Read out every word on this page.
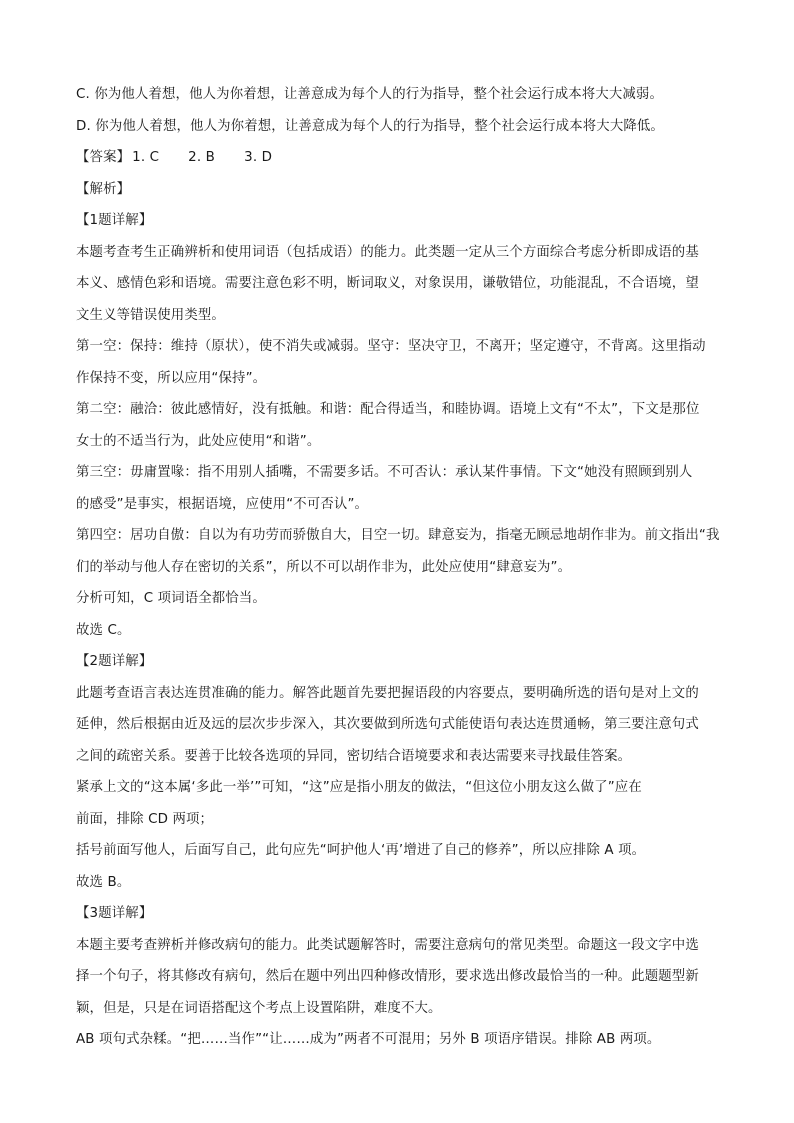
C. 你为他人着想，他人为你着想，让善意成为每个人的行为指导，整个社会运行成本将大大减弱。
D. 你为他人着想，他人为你着想，让善意成为每个人的行为指导，整个社会运行成本将大大降低。
【答案】 1. C 2. B 3. D
【解析】
【1题详解】
本题考查考生正确辨析和使用词语（包括成语）的能力。此类题一定从三个方面综合考虑分析即成语的基
本义、感情色彩和语境。需要注意色彩不明，断词取义，对象误用，谦敬错位，功能混乱，不合语境，望
文生义等错误使用类型。
第一空：保持：维持（原状），使不消失或减弱。坚守：坚决守卫，不离开；坚定遵守，不背离。这里指动
作保持不变，所以应用“保持”。
第二空：融洽：彼此感情好，没有抵触。和谐：配合得适当，和睦协调。语境上文有“不太”，下文是那位
女士的不适当行为，此处应使用“和谐”。
第三空：毋庸置喙：指不用别人插嘴，不需要多话。不可否认：承认某件事情。下文“她没有照顾到别人
的感受”是事实，根据语境，应使用“不可否认”。
第四空：居功自傲：自以为有功劳而骄傲自大，目空一切。肆意妄为，指毫无顾忌地胡作非为。前文指出“我
们的举动与他人存在密切的关系”，所以不可以胡作非为，此处应使用“肆意妄为”。
分析可知，C 项词语全都恰当。
故选 C。
【2题详解】
此题考查语言表达连贯准确的能力。解答此题首先要把握语段的内容要点，要明确所选的语句是对上文的
延伸，然后根据由近及远的层次步步深入，其次要做到所选句式能使语句表达连贯通畅，第三要注意句式
之间的疏密关系。要善于比较各选项的异同，密切结合语境要求和表达需要来寻找最佳答案。
紧承上文的“这本属‘多此一举’”可知，“这”应是指小朋友的做法，“但这位小朋友这么做了”应在
前面，排除 CD 两项；
括号前面写他人，后面写自己，此句应先“呵护他人‘再’增进了自己的修养”，所以应排除 A 项。
故选 B。
【3题详解】
本题主要考查辨析并修改病句的能力。此类试题解答时，需要注意病句的常见类型。命题这一段文字中选
择一个句子，将其修改有病句，然后在题中列出四种修改情形，要求选出修改最恰当的一种。此题题型新
颖，但是，只是在词语搭配这个考点上设置陷阱，难度不大。
AB 项句式杂糅。“把……当作”“让……成为”两者不可混用；另外 B 项语序错误。排除 AB 两项。
